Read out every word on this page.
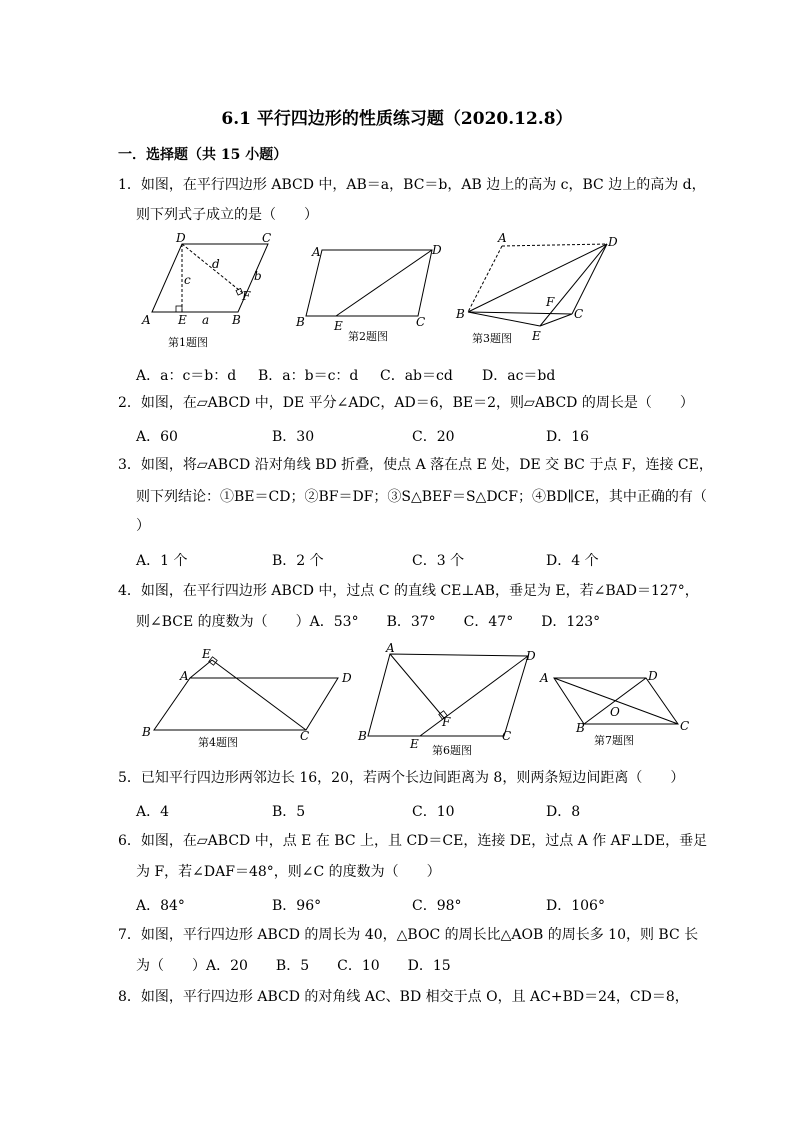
6.1 平行四边形的性质练习题（2020.12.8）
一．选择题（共 15 小题）
1．如图，在平行四边形 ABCD 中，AB＝a，BC＝b，AB 边上的高为 c，BC 边上的高为 d，
则下列式子成立的是（　　）
D	C
d
c	b
F
A E a B
第1题图
A	D
B E	C
第2题图
A	D
F
B	C
E
第3题图
A．a：c＝b：d B．a：b＝c：d C．ab＝cd D．ac＝bd
2．如图，在▱ABCD 中，DE 平分∠ADC，AD＝6，BE＝2，则▱ABCD 的周长是（　　）
A．60	B．30	C．20	D．16
3．如图，将▱ABCD 沿对角线 BD 折叠，使点 A 落在点 E 处，DE 交 BC 于点 F，连接 CE，
则下列结论：①BE＝CD；②BF＝DF；③S△BEF＝S△DCF；④BD∥CE，其中正确的有（
）
A．1 个	B．2 个	C．3 个	D．4 个
4．如图，在平行四边形 ABCD 中，过点 C 的直线 CE⊥AB，垂足为 E，若∠BAD＝127°，
则∠BCE 的度数为（　　）A．53°　　B．37°　　C．47°　　D．123°
E
A	D
B	C
第4题图
A
D
F
B
E
C
第6题图
A	D
O
B	C
第7题图
5．已知平行四边形两邻边长 16，20，若两个长边间距离为 8，则两条短边间距离（　　）
A．4	B．5	C．10	D．8
6．如图，在▱ABCD 中，点 E 在 BC 上，且 CD＝CE，连接 DE，过点 A 作 AF⊥DE，垂足
为 F，若∠DAF＝48°，则∠C 的度数为（　　）
A．84°	B．96°	C．98°	D．106°
7．如图，平行四边形 ABCD 的周长为 40，△BOC 的周长比△AOB 的周长多 10，则 BC 长
为（　　）A．20　　B．5　　C．10　　D．15
8．如图，平行四边形 ABCD 的对角线 AC、BD 相交于点 O，且 AC+BD＝24，CD＝8，
